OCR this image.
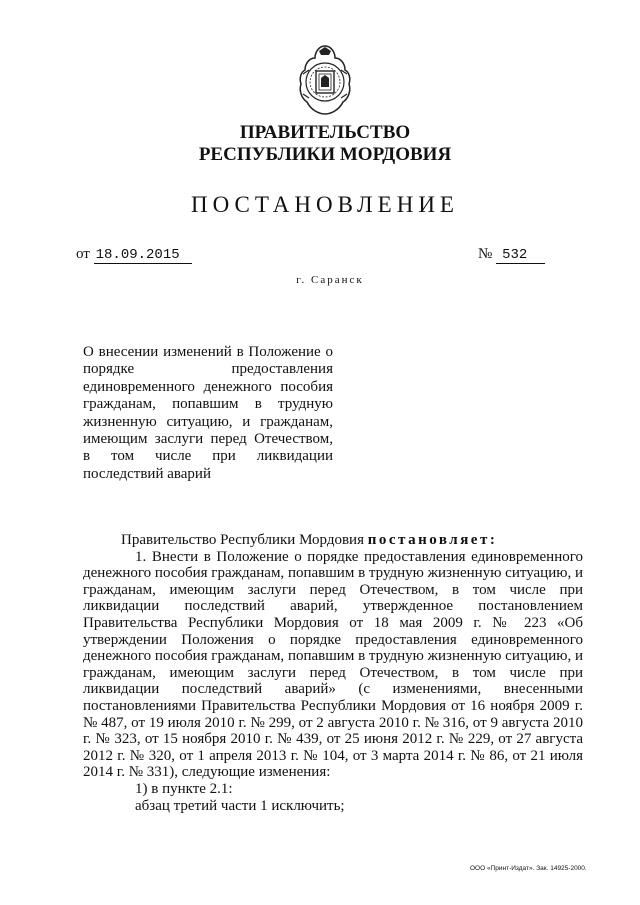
ПРАВИТЕЛЬСТВО
РЕСПУБЛИКИ МОРДОВИЯ
ПОСТАНОВЛЕНИЕ
от 18.09.2015	№ 532
г. Саранск

О внесении изменений в Положение о порядке предоставления единовременного денежного пособия гражданам, попавшим в трудную жизненную ситуацию, и гражданам, имеющим заслуги перед Отечеством, в том числе при ликвидации последствий аварий

Правительство Республики Мордовия постановляет:

1. Внести в Положение о порядке предоставления единовременного денежного пособия гражданам, попавшим в трудную жизненную ситуацию, и гражданам, имеющим заслуги перед Отечеством, в том числе при ликвидации последствий аварий, утвержденное постановлением Правительства Республики Мордовия от 18 мая 2009 г. № 223 «Об утверждении Положения о порядке предоставления единовременного денежного пособия гражданам, попавшим в трудную жизненную ситуацию, и гражданам, имеющим заслуги перед Отечеством, в том числе при ликвидации последствий аварий» (с изменениями, внесенными постановлениями Правительства Республики Мордовия от 16 ноября 2009 г. № 487, от 19 июля 2010 г. № 299, от 2 августа 2010 г. № 316, от 9 августа 2010 г. № 323, от 15 ноября 2010 г. № 439, от 25 июня 2012 г. № 229, от 27 августа 2012 г. № 320, от 1 апреля 2013 г. № 104, от 3 марта 2014 г. № 86, от 21 июля 2014 г. № 331), следующие изменения:

1) в пункте 2.1:

абзац третий части 1 исключить;

ООО «Принт-Издат». Зак. 14925-2000.
